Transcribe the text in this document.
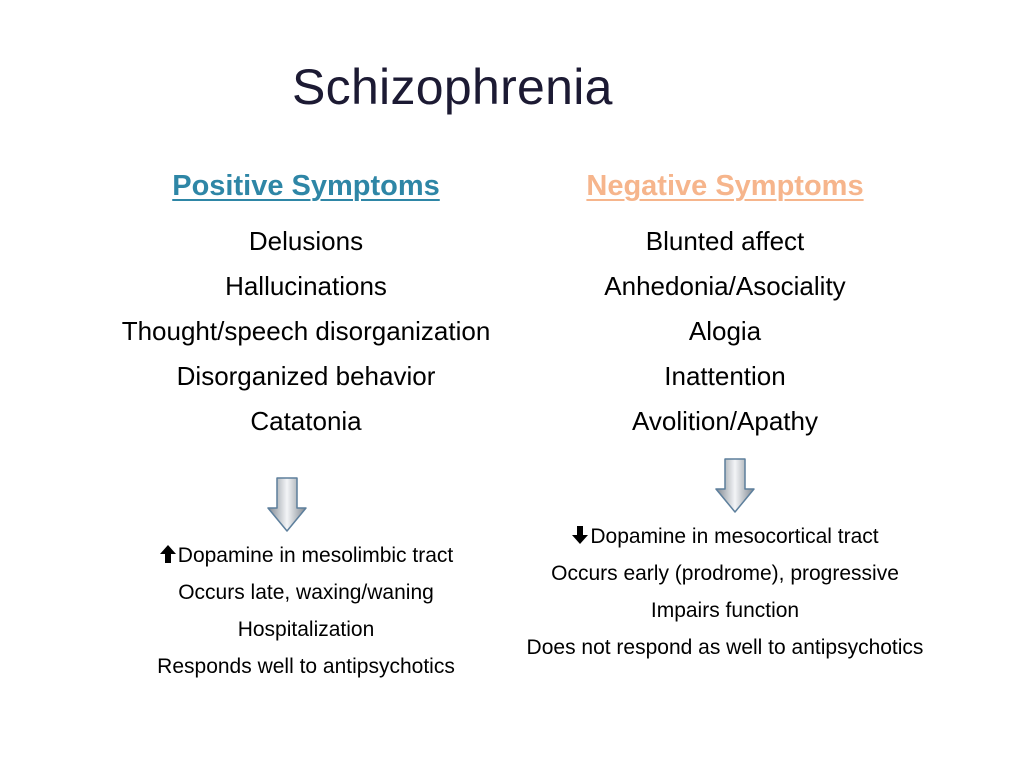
Schizophrenia
Positive Symptoms
Delusions
Hallucinations
Thought/speech disorganization
Disorganized behavior
Catatonia
Dopamine in mesolimbic tract
Occurs late, waxing/waning
Hospitalization
Responds well to antipsychotics
Negative Symptoms
Blunted affect
Anhedonia/Asociality
Alogia
Inattention
Avolition/Apathy
Dopamine in mesocortical tract
Occurs early (prodrome), progressive
Impairs function
Does not respond as well to antipsychotics
